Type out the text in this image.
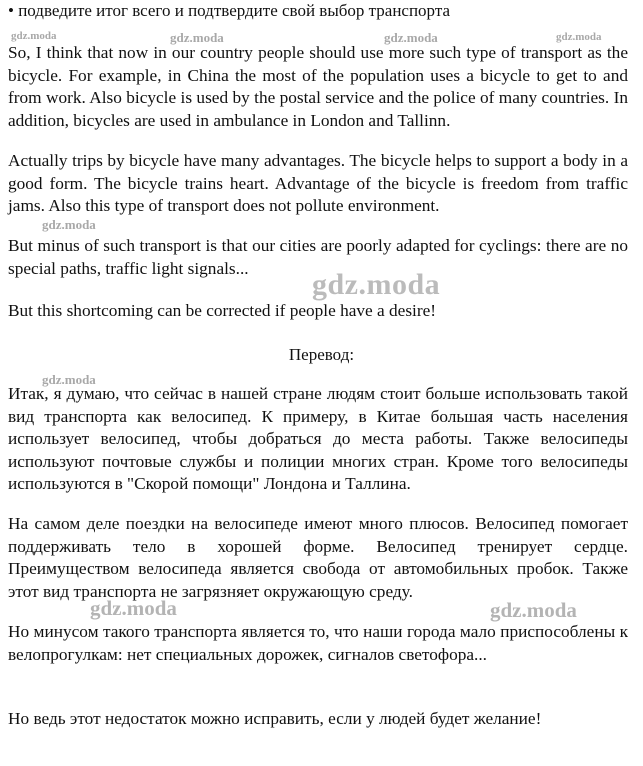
• подведите итог всего и подтвердите свой выбор транспорта

So, I think that now in our country people should use more such type of transport as the bicycle. For example, in China the most of the population uses a bicycle to get to and from work. Also bicycle is used by the postal service and the police of many countries. In addition, bicycles are used in ambulance in London and Tallinn.

Actually trips by bicycle have many advantages. The bicycle helps to support a body in a good form. The bicycle trains heart. Advantage of the bicycle is freedom from traffic jams. Also this type of transport does not pollute environment.

But minus of such transport is that our cities are poorly adapted for cyclings: there are no special paths, traffic light signals...

But this shortcoming can be corrected if people have a desire!

Перевод:

Итак, я думаю, что сейчас в нашей стране людям стоит больше использовать такой вид транспорта как велосипед. К примеру, в Китае большая часть населения использует велосипед, чтобы добраться до места работы. Также велосипеды используют почтовые службы и полиции многих стран. Кроме того велосипеды используются в "Скорой помощи" Лондона и Таллина.

На самом деле поездки на велосипеде имеют много плюсов. Велосипед помогает поддерживать тело в хорошей форме. Велосипед тренирует сердце. Преимуществом велосипеда является свобода от автомобильных пробок. Также этот вид транспорта не загрязняет окружающую среду.

Но минусом такого транспорта является то, что наши города мало приспособлены к велопрогулкам: нет специальных дорожек, сигналов светофора...

Но ведь этот недостаток можно исправить, если у людей будет желание!

gdz.moda	gdz.moda	gdz.moda	gdz.moda
gdz.moda
gdz.moda
gdz.moda
gdz.moda	gdz.moda
